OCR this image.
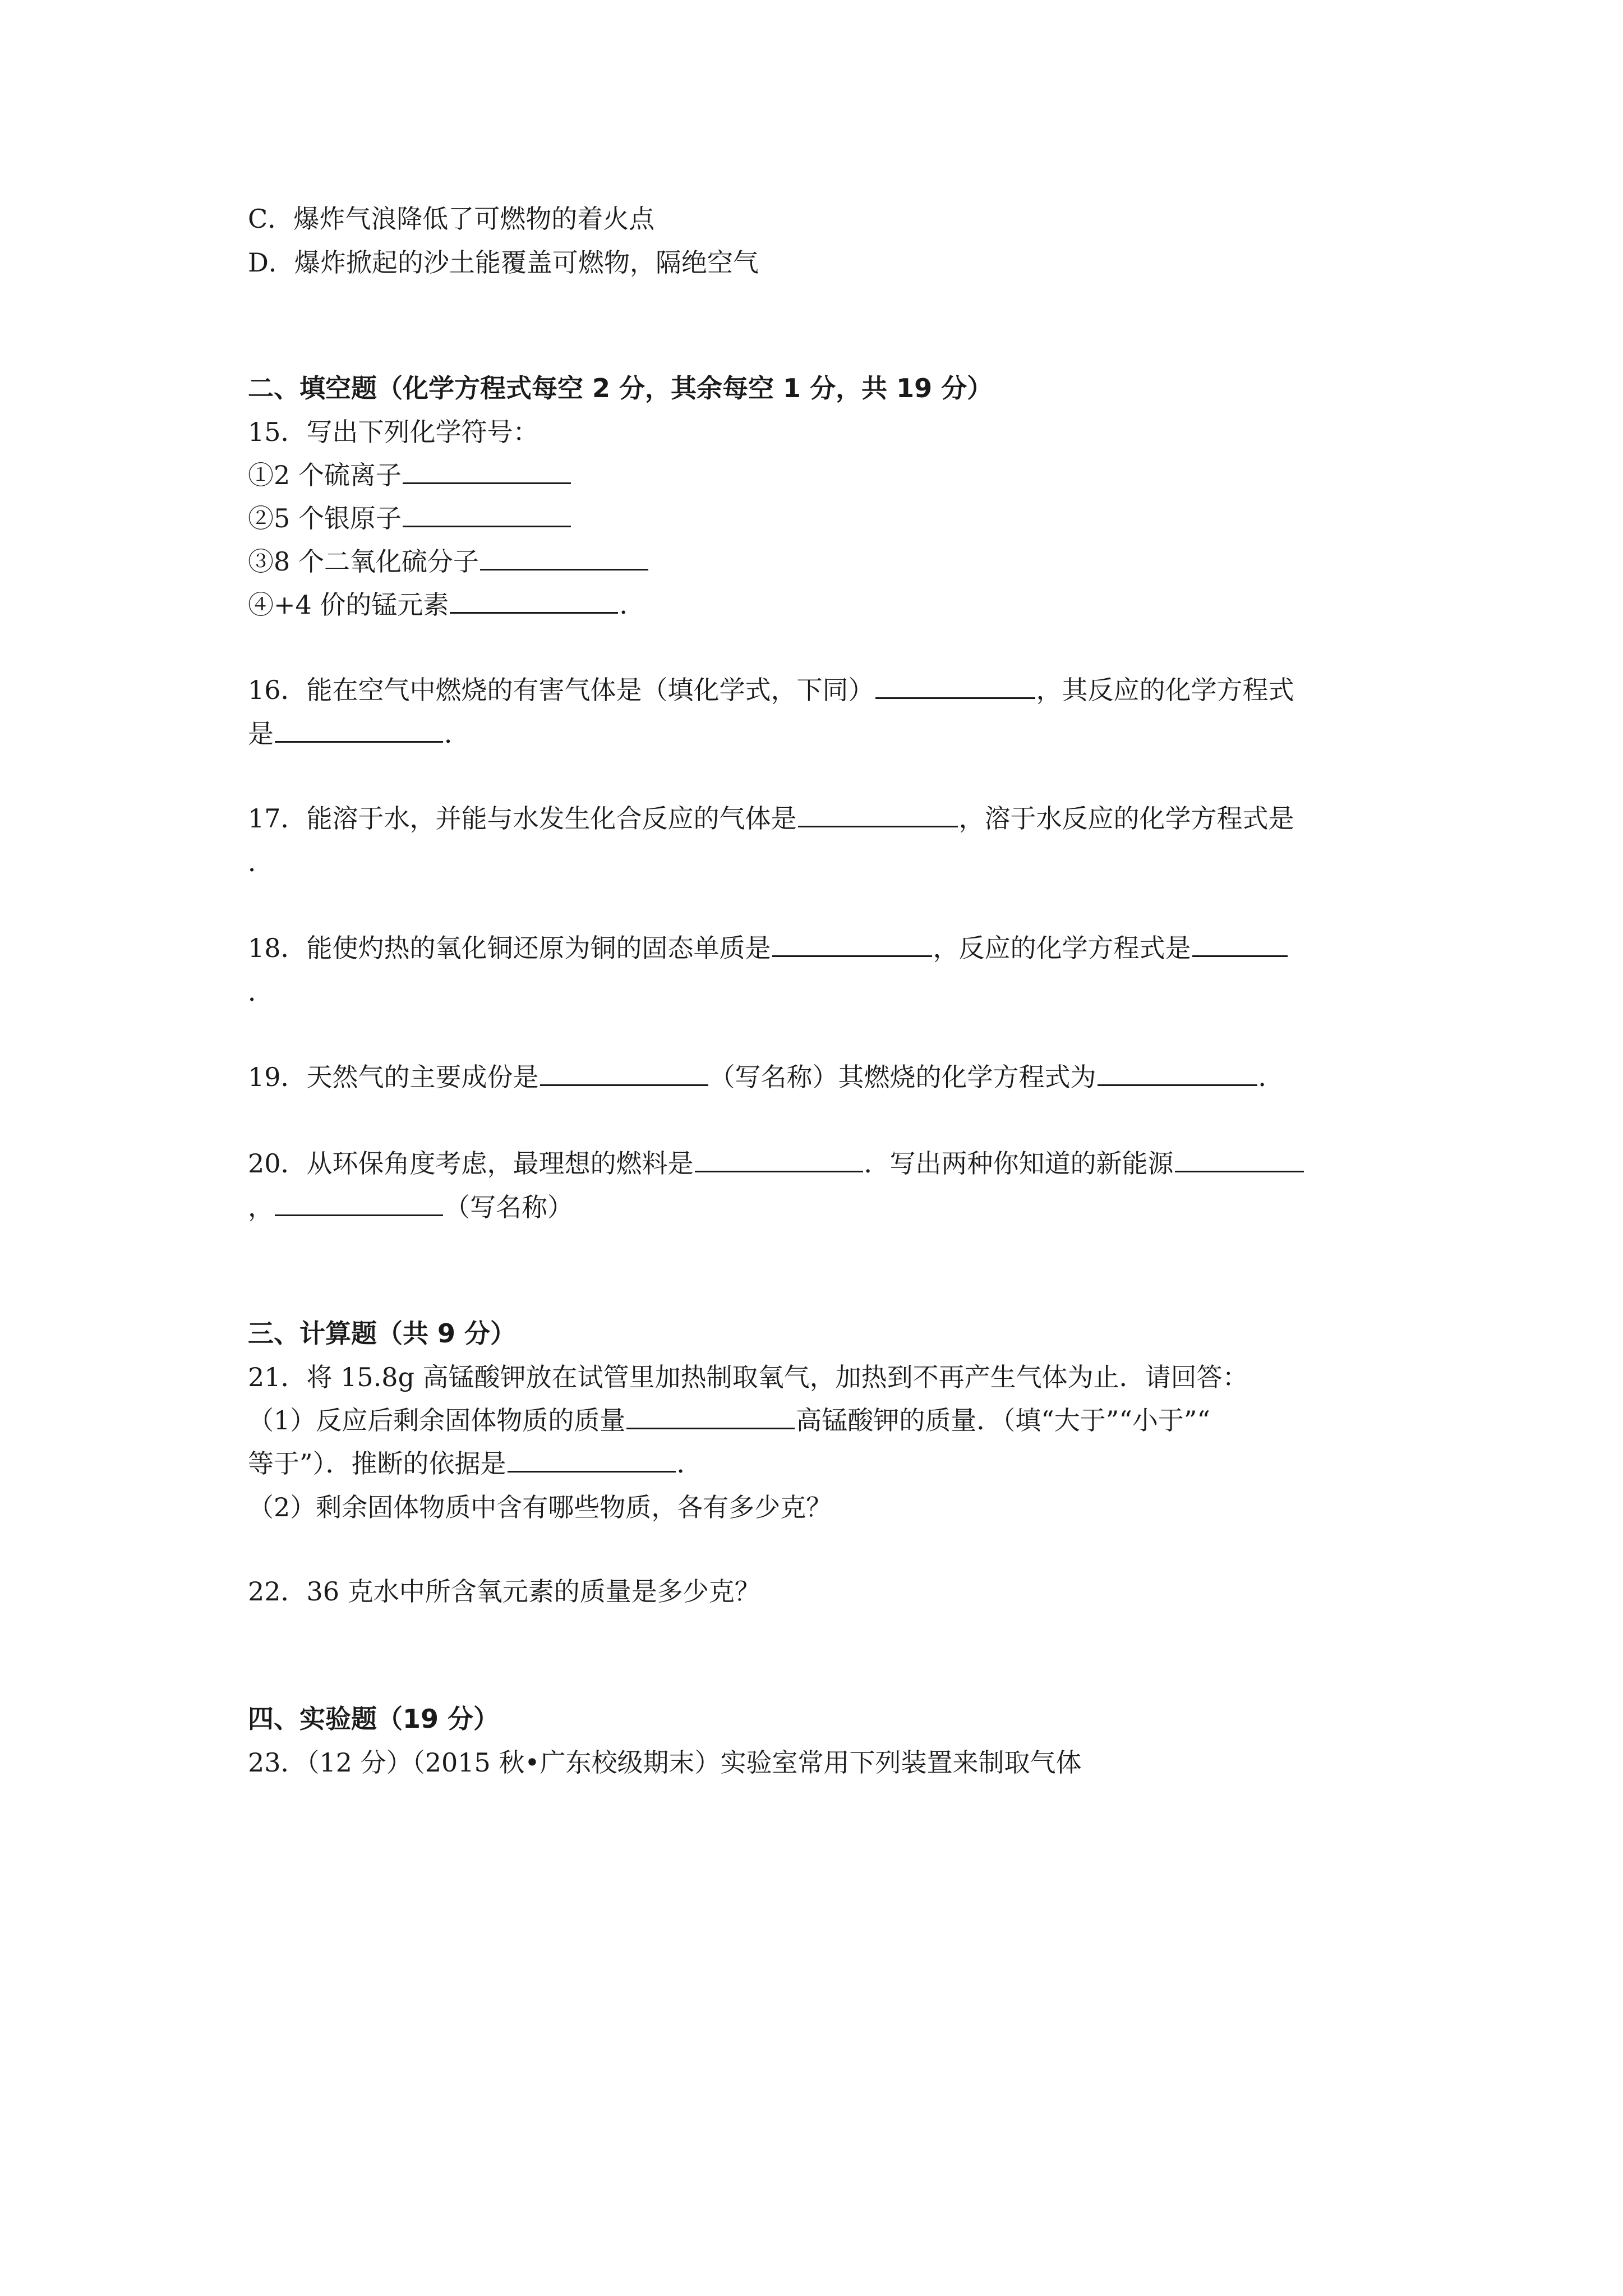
C．爆炸气浪降低了可燃物的着火点
D．爆炸掀起的沙土能覆盖可燃物，隔绝空气
二、填空题（化学方程式每空 2 分，其余每空 1 分，共 19 分）
15．写出下列化学符号：
①2 个硫离子
②5 个银原子
③8 个二氧化硫分子
④+4 价的锰元素	．
16．能在空气中燃烧的有害气体是（填化学式，下同）	，其反应的化学方程式
是	．
17．能溶于水，并能与水发生化合反应的气体是	，溶于水反应的化学方程式是
．
18．能使灼热的氧化铜还原为铜的固态单质是	，反应的化学方程式是
．
19．天然气的主要成份是	（写名称）其燃烧的化学方程式为	．
20．从环保角度考虑，最理想的燃料是	．写出两种你知道的新能源
，	（写名称）
三、计算题（共 9 分）
21．将 15.8g 高锰酸钾放在试管里加热制取氧气，加热到不再产生气体为止．请回答：
（1）反应后剩余固体物质的质量	高锰酸钾的质量．（填“大于”“小于”“
等于”）．推断的依据是	．
（2）剩余固体物质中含有哪些物质，各有多少克？
22．36 克水中所含氧元素的质量是多少克？
四、实验题（19 分）
23．（12 分）（2015 秋•广东校级期末）实验室常用下列装置来制取气体
